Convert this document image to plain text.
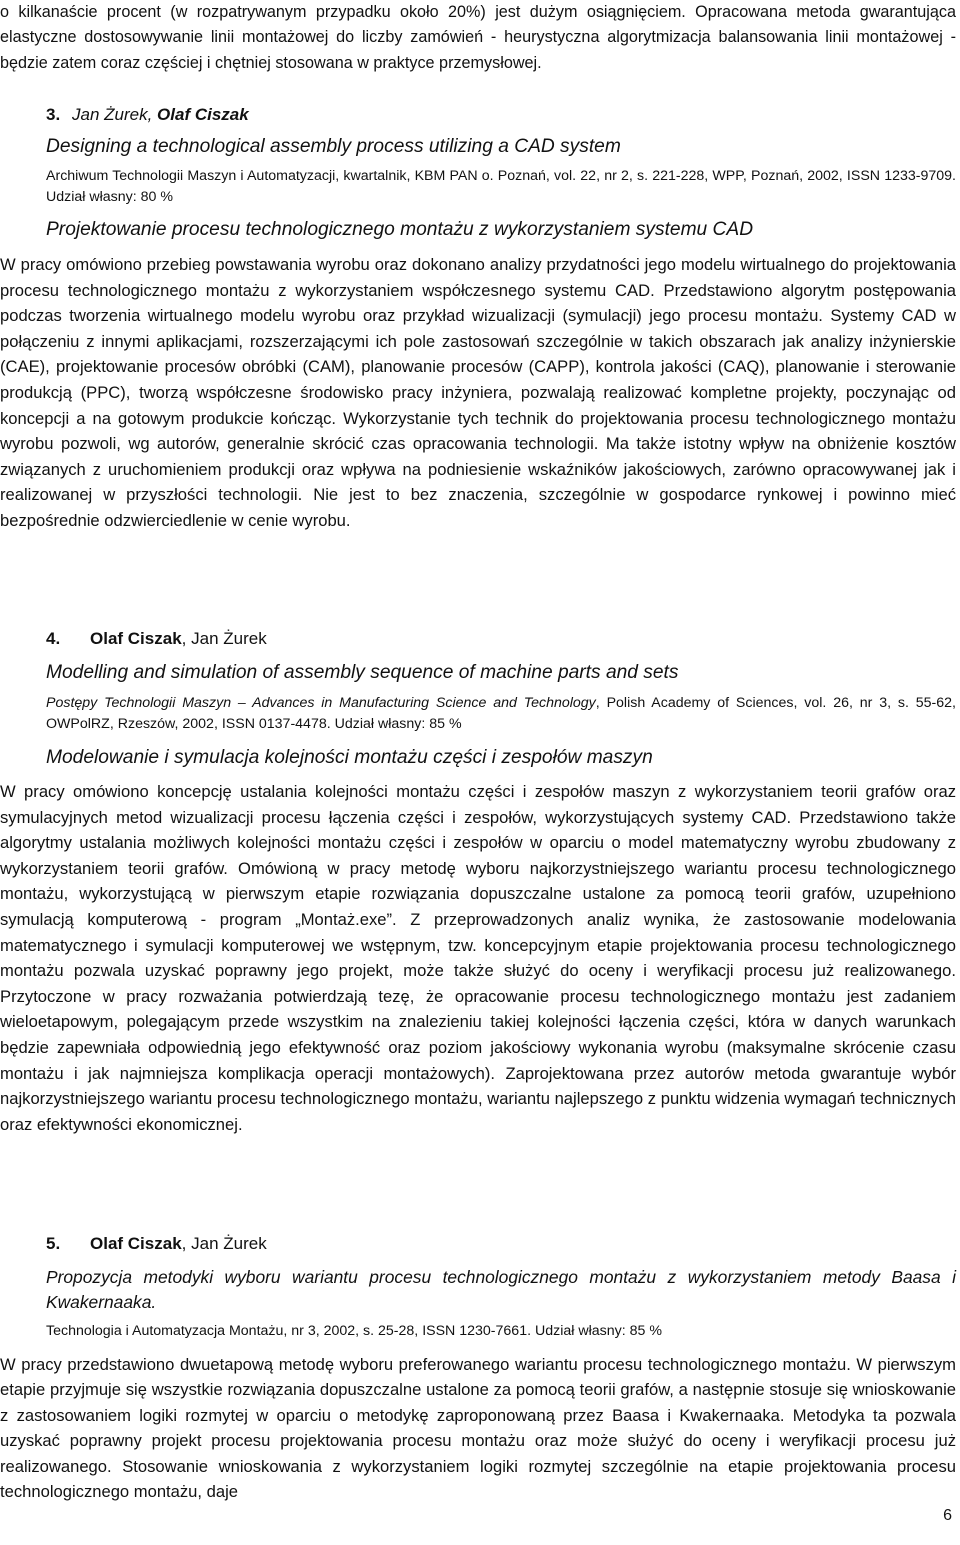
o kilkanaście procent (w rozpatrywanym przypadku około 20%) jest dużym osiągnięciem. Opracowana metoda gwarantująca elastyczne dostosowywanie linii montażowej do liczby zamówień - heurystyczna algorytmizacja balansowania linii montażowej - będzie zatem coraz częściej i chętniej stosowana w praktyce przemysłowej.

3. Jan Żurek, Olaf Ciszak

Designing a technological assembly process utilizing a CAD system

Archiwum Technologii Maszyn i Automatyzacji, kwartalnik, KBM PAN o. Poznań, vol. 22, nr 2, s. 221-228, WPP, Poznań, 2002, ISSN 1233-9709. Udział własny: 80 %

Projektowanie procesu technologicznego montażu z wykorzystaniem systemu CAD

W pracy omówiono przebieg powstawania wyrobu oraz dokonano analizy przydatności jego modelu wirtualnego do projektowania procesu technologicznego montażu z wykorzystaniem współczesnego systemu CAD. Przedstawiono algorytm postępowania podczas tworzenia wirtualnego modelu wyrobu oraz przykład wizualizacji (symulacji) jego procesu montażu. Systemy CAD w połączeniu z innymi aplikacjami, rozszerzającymi ich pole zastosowań szczególnie w takich obszarach jak analizy inżynierskie (CAE), projektowanie procesów obróbki (CAM), planowanie procesów (CAPP), kontrola jakości (CAQ), planowanie i sterowanie produkcją (PPC), tworzą współczesne środowisko pracy inżyniera, pozwalają realizować kompletne projekty, poczynając od koncepcji a na gotowym produkcie kończąc. Wykorzystanie tych technik do projektowania procesu technologicznego montażu wyrobu pozwoli, wg autorów, generalnie skrócić czas opracowania technologii. Ma także istotny wpływ na obniżenie kosztów związanych z uruchomieniem produkcji oraz wpływa na podniesienie wskaźników jakościowych, zarówno opracowywanej jak i realizowanej w przyszłości technologii. Nie jest to bez znaczenia, szczególnie w gospodarce rynkowej i powinno mieć bezpośrednie odzwierciedlenie w cenie wyrobu.

4. Olaf Ciszak, Jan Żurek

Modelling and simulation of assembly sequence of machine parts and sets

Postępy Technologii Maszyn – Advances in Manufacturing Science and Technology, Polish Academy of Sciences, vol. 26, nr 3, s. 55-62, OWPolRZ, Rzeszów, 2002, ISSN 0137-4478. Udział własny: 85 %

Modelowanie i symulacja kolejności montażu części i zespołów maszyn

W pracy omówiono koncepcję ustalania kolejności montażu części i zespołów maszyn z wykorzystaniem teorii grafów oraz symulacyjnych metod wizualizacji procesu łączenia części i zespołów, wykorzystujących systemy CAD. Przedstawiono także algorytmy ustalania możliwych kolejności montażu części i zespołów w oparciu o model matematyczny wyrobu zbudowany z wykorzystaniem teorii grafów. Omówioną w pracy metodę wyboru najkorzystniejszego wariantu procesu technologicznego montażu, wykorzystującą w pierwszym etapie rozwiązania dopuszczalne ustalone za pomocą teorii grafów, uzupełniono symulacją komputerową - program „Montaż.exe”. Z przeprowadzonych analiz wynika, że zastosowanie modelowania matematycznego i symulacji komputerowej we wstępnym, tzw. koncepcyjnym etapie projektowania procesu technologicznego montażu pozwala uzyskać poprawny jego projekt, może także służyć do oceny i weryfikacji procesu już realizowanego. Przytoczone w pracy rozważania potwierdzają tezę, że opracowanie procesu technologicznego montażu jest zadaniem wieloetapowym, polegającym przede wszystkim na znalezieniu takiej kolejności łączenia części, która w danych warunkach będzie zapewniała odpowiednią jego efektywność oraz poziom jakościowy wykonania wyrobu (maksymalne skrócenie czasu montażu i jak najmniejsza komplikacja operacji montażowych). Zaprojektowana przez autorów metoda gwarantuje wybór najkorzystniejszego wariantu procesu technologicznego montażu, wariantu najlepszego z punktu widzenia wymagań technicznych oraz efektywności ekonomicznej.

5. Olaf Ciszak, Jan Żurek

Propozycja metodyki wyboru wariantu procesu technologicznego montażu z wykorzystaniem metody Baasa i Kwakernaaka.

Technologia i Automatyzacja Montażu, nr 3, 2002, s. 25-28, ISSN 1230-7661. Udział własny: 85 %

W pracy przedstawiono dwuetapową metodę wyboru preferowanego wariantu procesu technologicznego montażu. W pierwszym etapie przyjmuje się wszystkie rozwiązania dopuszczalne ustalone za pomocą teorii grafów, a następnie stosuje się wnioskowanie z zastosowaniem logiki rozmytej w oparciu o metodykę zaproponowaną przez Baasa i Kwakernaaka. Metodyka ta pozwala uzyskać poprawny projekt procesu projektowania procesu montażu oraz może służyć do oceny i weryfikacji procesu już realizowanego. Stosowanie wnioskowania z wykorzystaniem logiki rozmytej szczególnie na etapie projektowania procesu technologicznego montażu, daje

6
